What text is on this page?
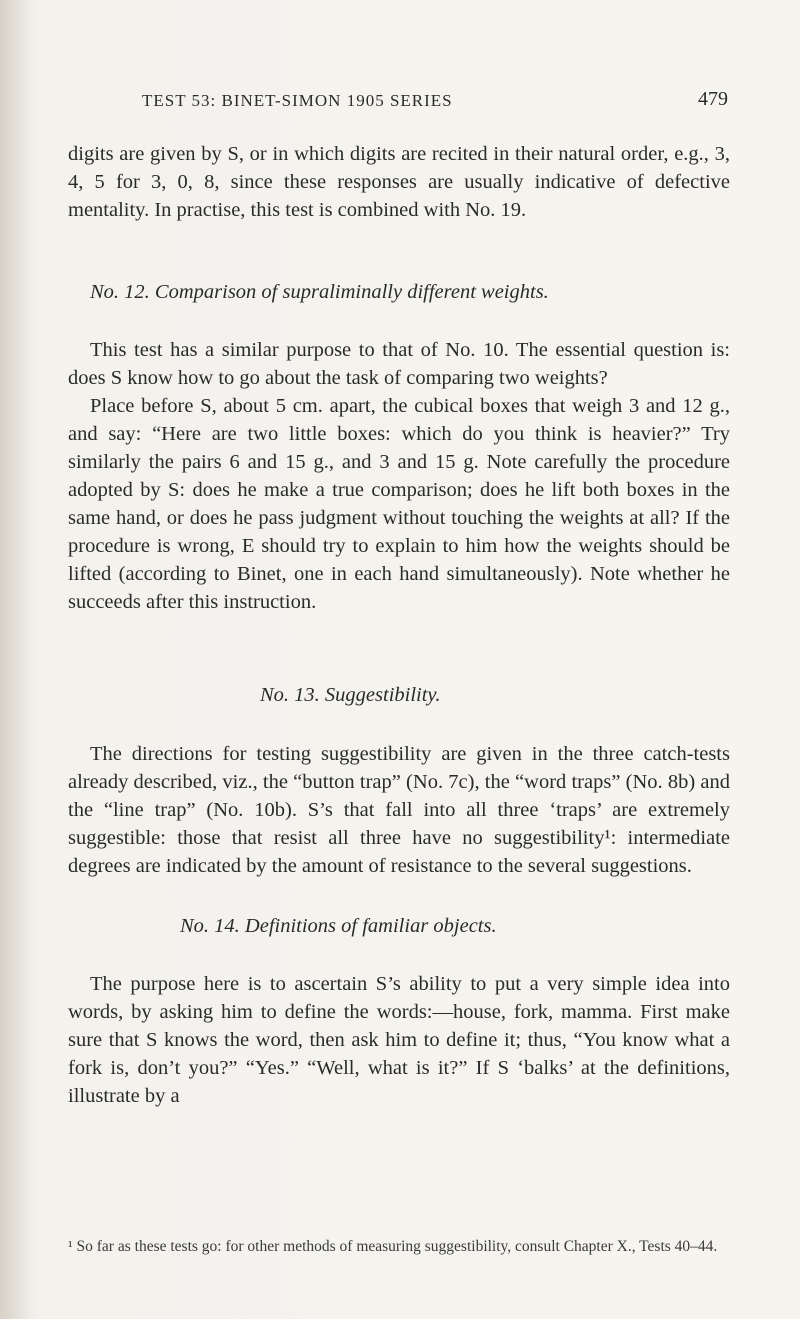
TEST 53: BINET-SIMON 1905 SERIES	479

digits are given by S, or in which digits are recited in their natural order, e.g., 3, 4, 5 for 3, 0, 8, since these responses are usually indicative of defective mentality. In practise, this test is combined with No. 19.

No. 12. Comparison of supraliminally different weights.

This test has a similar purpose to that of No. 10. The essential question is: does S know how to go about the task of comparing two weights?

Place before S, about 5 cm. apart, the cubical boxes that weigh 3 and 12 g., and say: “Here are two little boxes: which do you think is heavier?” Try similarly the pairs 6 and 15 g., and 3 and 15 g. Note carefully the procedure adopted by S: does he make a true comparison; does he lift both boxes in the same hand, or does he pass judgment without touching the weights at all? If the procedure is wrong, E should try to explain to him how the weights should be lifted (according to Binet, one in each hand simultaneously). Note whether he succeeds after this instruction.

No. 13. Suggestibility.

The directions for testing suggestibility are given in the three catch-tests already described, viz., the “button trap” (No. 7c), the “word traps” (No. 8b) and the “line trap” (No. 10b). S’s that fall into all three ‘traps’ are extremely suggestible: those that resist all three have no suggestibility¹: intermediate degrees are indicated by the amount of resistance to the several suggestions.

No. 14. Definitions of familiar objects.

The purpose here is to ascertain S’s ability to put a very simple idea into words, by asking him to define the words:—house, fork, mamma. First make sure that S knows the word, then ask him to define it; thus, “You know what a fork is, don’t you?” “Yes.” “Well, what is it?” If S ‘balks’ at the definitions, illustrate by a

¹ So far as these tests go: for other methods of measuring suggestibility, consult Chapter X., Tests 40–44.
